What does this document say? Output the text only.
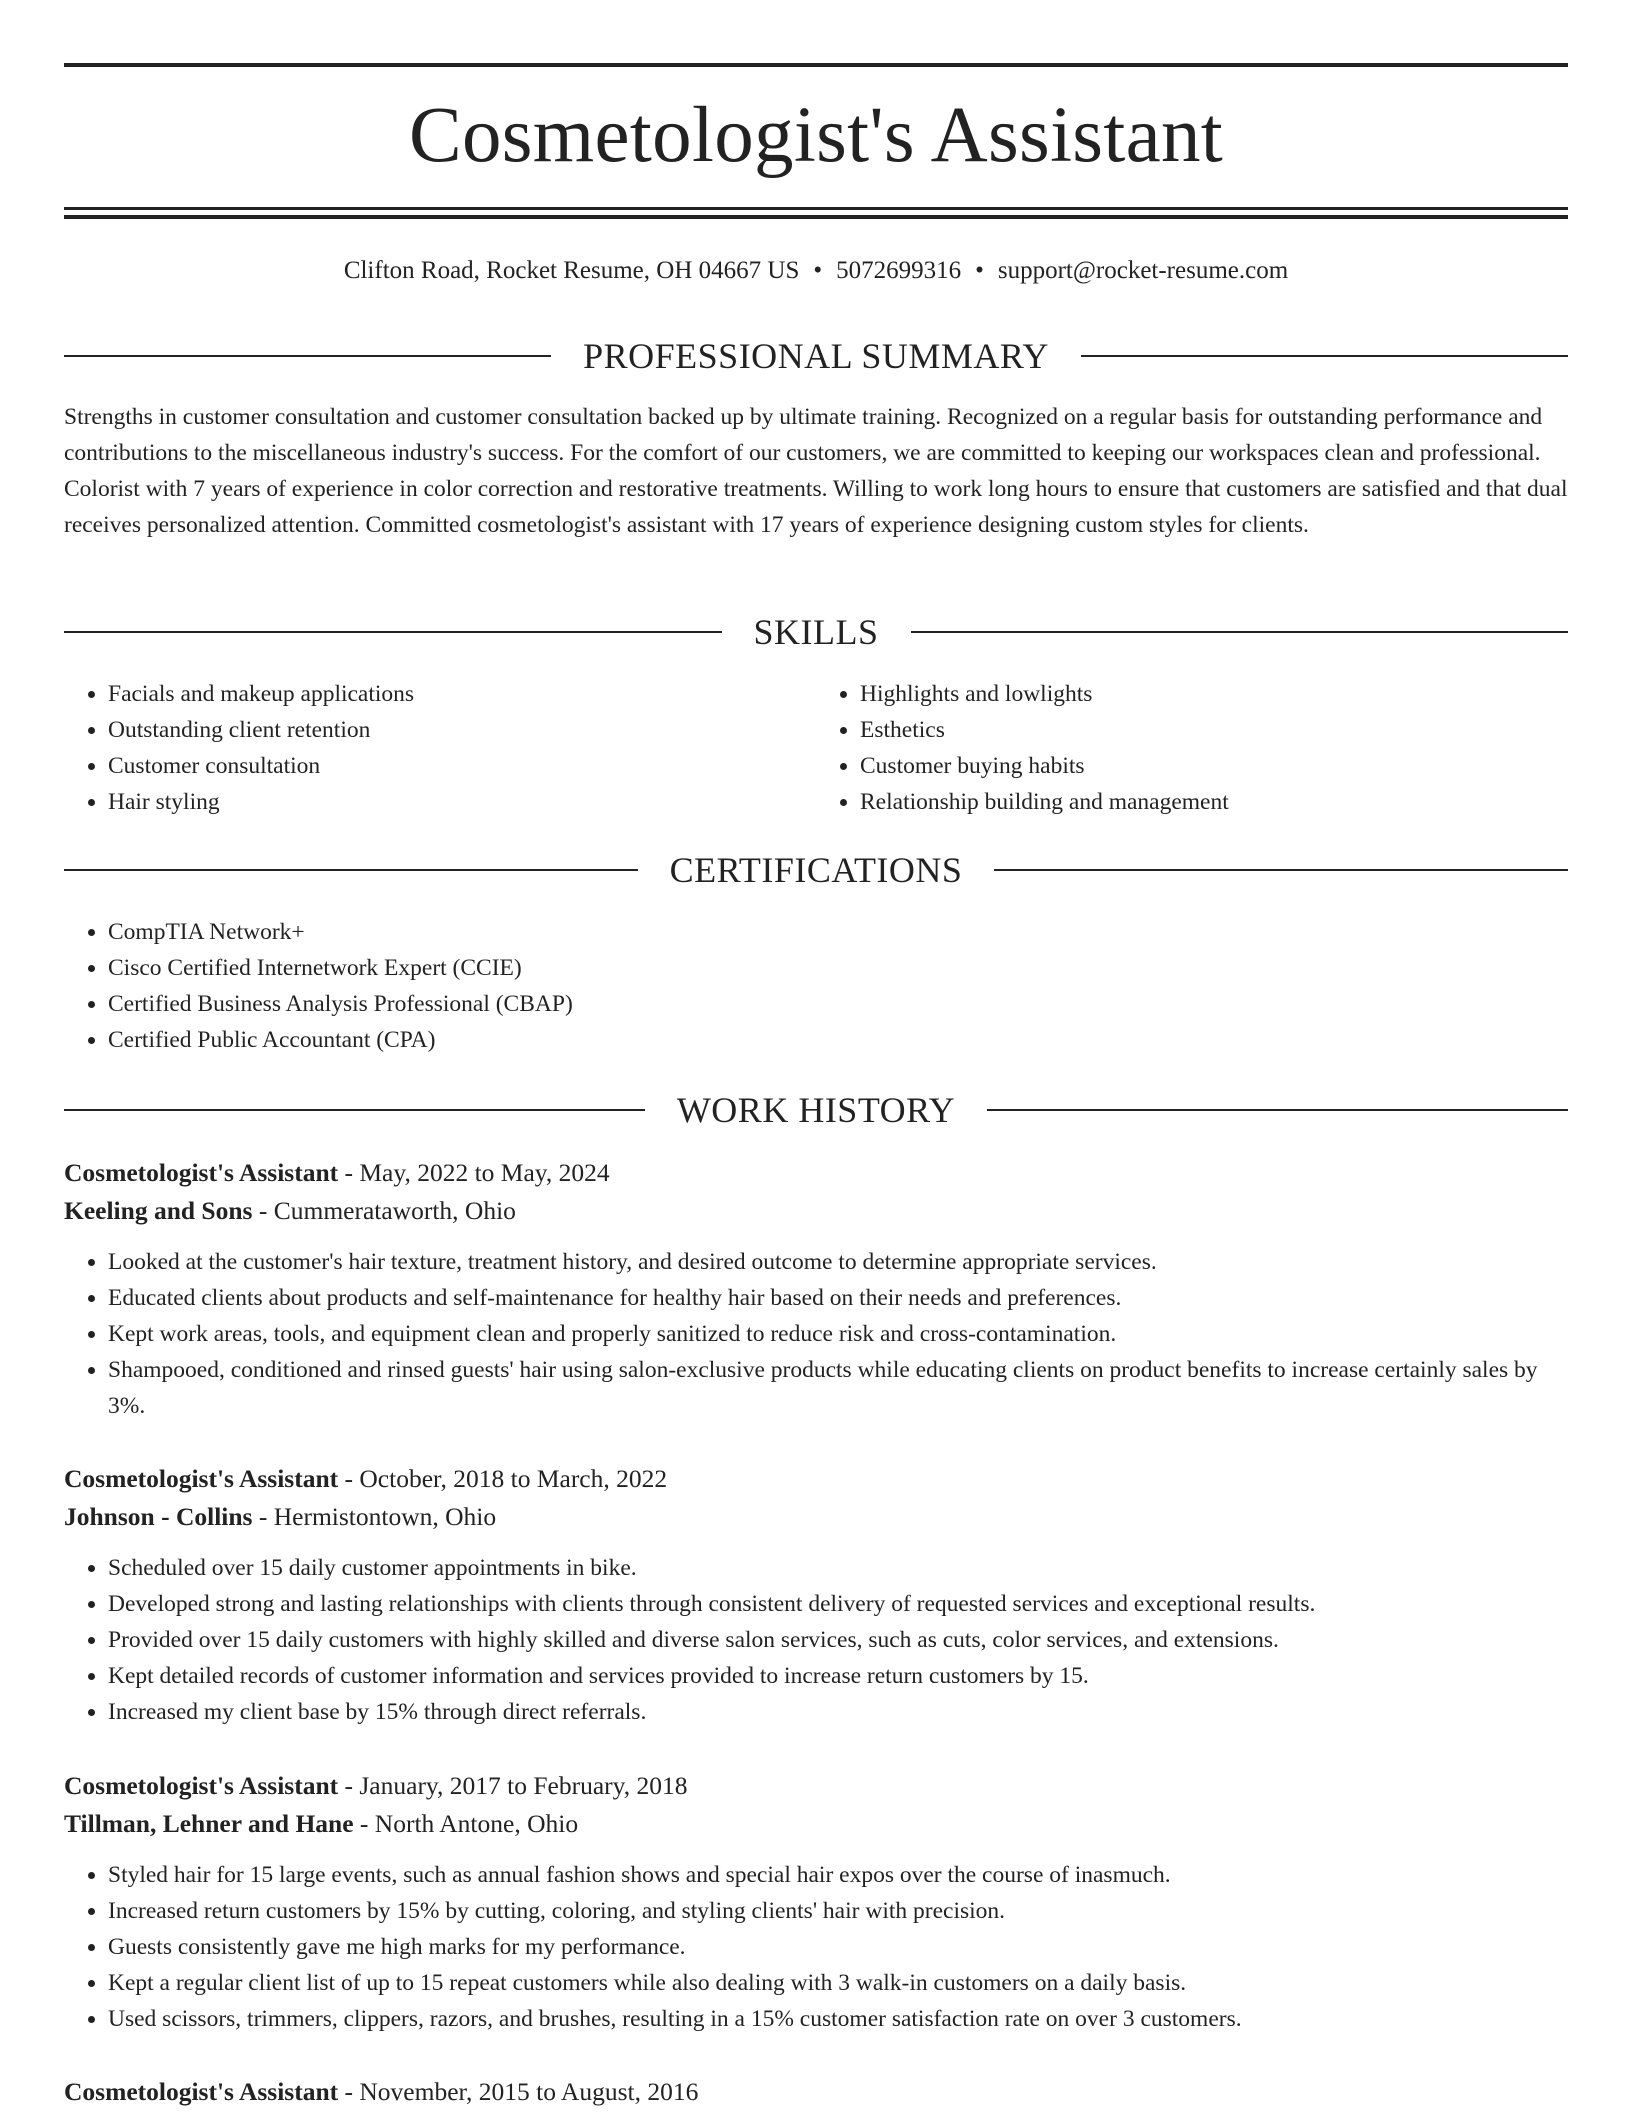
Cosmetologist's Assistant
Clifton Road, Rocket Resume, OH 04667 US • 5072699316 • support@rocket-resume.com
PROFESSIONAL SUMMARY

Strengths in customer consultation and customer consultation backed up by ultimate training. Recognized on a regular basis for outstanding performance and contributions to the miscellaneous industry's success. For the comfort of our customers, we are committed to keeping our workspaces clean and professional. Colorist with 7 years of experience in color correction and restorative treatments. Willing to work long hours to ensure that customers are satisfied and that dual receives personalized attention. Committed cosmetologist's assistant with 17 years of experience designing custom styles for clients.

SKILLS
• Facials and makeup applications
• Outstanding client retention
• Customer consultation
• Hair styling
• Highlights and lowlights
• Esthetics
• Customer buying habits
• Relationship building and management
CERTIFICATIONS
• CompTIA Network+
• Cisco Certified Internetwork Expert (CCIE)
• Certified Business Analysis Professional (CBAP)
• Certified Public Accountant (CPA)
WORK HISTORY
Cosmetologist's Assistant - May, 2022 to May, 2024
Keeling and Sons - Cummerataworth, Ohio
• Looked at the customer's hair texture, treatment history, and desired outcome to determine appropriate services.
• Educated clients about products and self-maintenance for healthy hair based on their needs and preferences.
• Kept work areas, tools, and equipment clean and properly sanitized to reduce risk and cross-contamination.
• Shampooed, conditioned and rinsed guests' hair using salon-exclusive products while educating clients on product benefits to increase certainly sales by 3%.
Cosmetologist's Assistant - October, 2018 to March, 2022
Johnson - Collins - Hermistontown, Ohio
• Scheduled over 15 daily customer appointments in bike.
• Developed strong and lasting relationships with clients through consistent delivery of requested services and exceptional results.
• Provided over 15 daily customers with highly skilled and diverse salon services, such as cuts, color services, and extensions.
• Kept detailed records of customer information and services provided to increase return customers by 15.
• Increased my client base by 15% through direct referrals.
Cosmetologist's Assistant - January, 2017 to February, 2018
Tillman, Lehner and Hane - North Antone, Ohio
• Styled hair for 15 large events, such as annual fashion shows and special hair expos over the course of inasmuch.
• Increased return customers by 15% by cutting, coloring, and styling clients' hair with precision.
• Guests consistently gave me high marks for my performance.
• Kept a regular client list of up to 15 repeat customers while also dealing with 3 walk-in customers on a daily basis.
• Used scissors, trimmers, clippers, razors, and brushes, resulting in a 15% customer satisfaction rate on over 3 customers.
Cosmetologist's Assistant - November, 2015 to August, 2016
